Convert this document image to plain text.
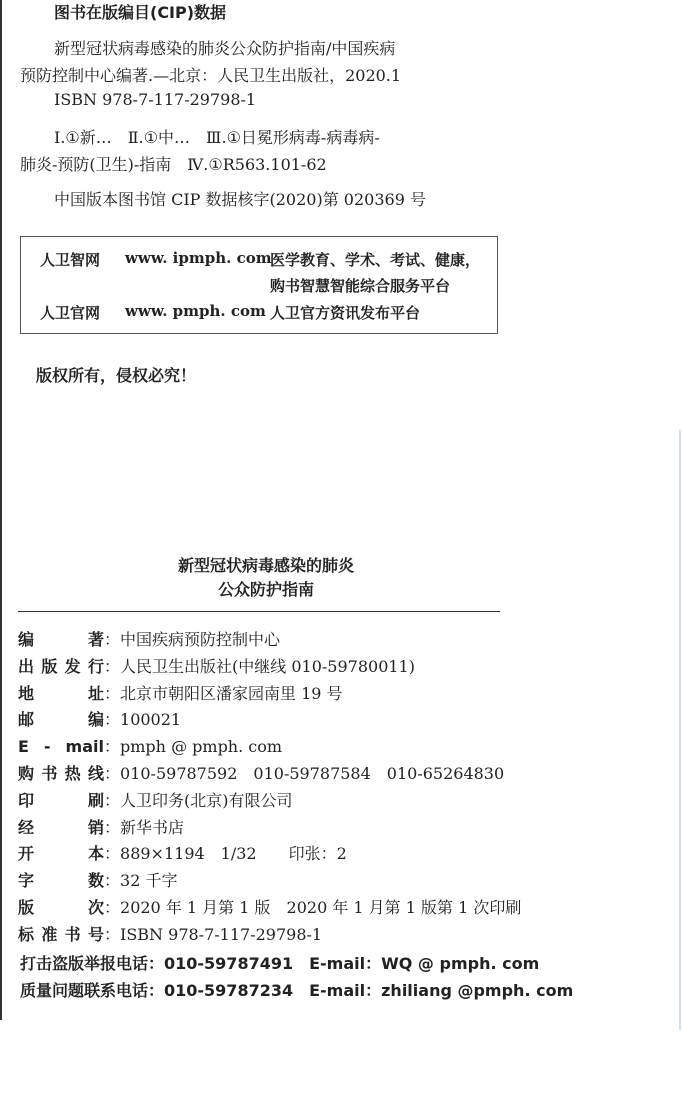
图书在版编目(CIP)数据
新型冠状病毒感染的肺炎公众防护指南/中国疾病
预防控制中心编著.—北京：人民卫生出版社，2020.1
ISBN 978-7-117-29798-1
Ⅰ.①新…　Ⅱ.①中…　Ⅲ.①日冕形病毒-病毒病-
肺炎-预防(卫生)-指南　Ⅳ.①R563.101-62
中国版本图书馆 CIP 数据核字(2020)第 020369 号
人卫智网 www. ipmph. com
医学教育、学术、考试、健康，
购书智慧智能综合服务平台
人卫官网 www. pmph. com 人卫官方资讯发布平台
版权所有，侵权必究！
新型冠状病毒感染的肺炎
公众防护指南
编　　著：中国疾病预防控制中心
出版发行：人民卫生出版社(中继线 010-59780011)
地　　址：北京市朝阳区潘家园南里 19 号
邮　　编：100021
E - mail：pmph @ pmph. com
购书热线：010-59787592　010-59787584　010-65264830
印　　刷：人卫印务(北京)有限公司
经　　销：新华书店
开　　本：889×1194　1/32　　印张：2
字　　数：32 千字
版　　次：2020 年 1 月第 1 版　2020 年 1 月第 1 版第 1 次印刷
标准书号：ISBN 978-7-117-29798-1
打击盗版举报电话：010-59787491　E-mail：WQ @ pmph. com
质量问题联系电话：010-59787234　E-mail：zhiliang @pmph. com
